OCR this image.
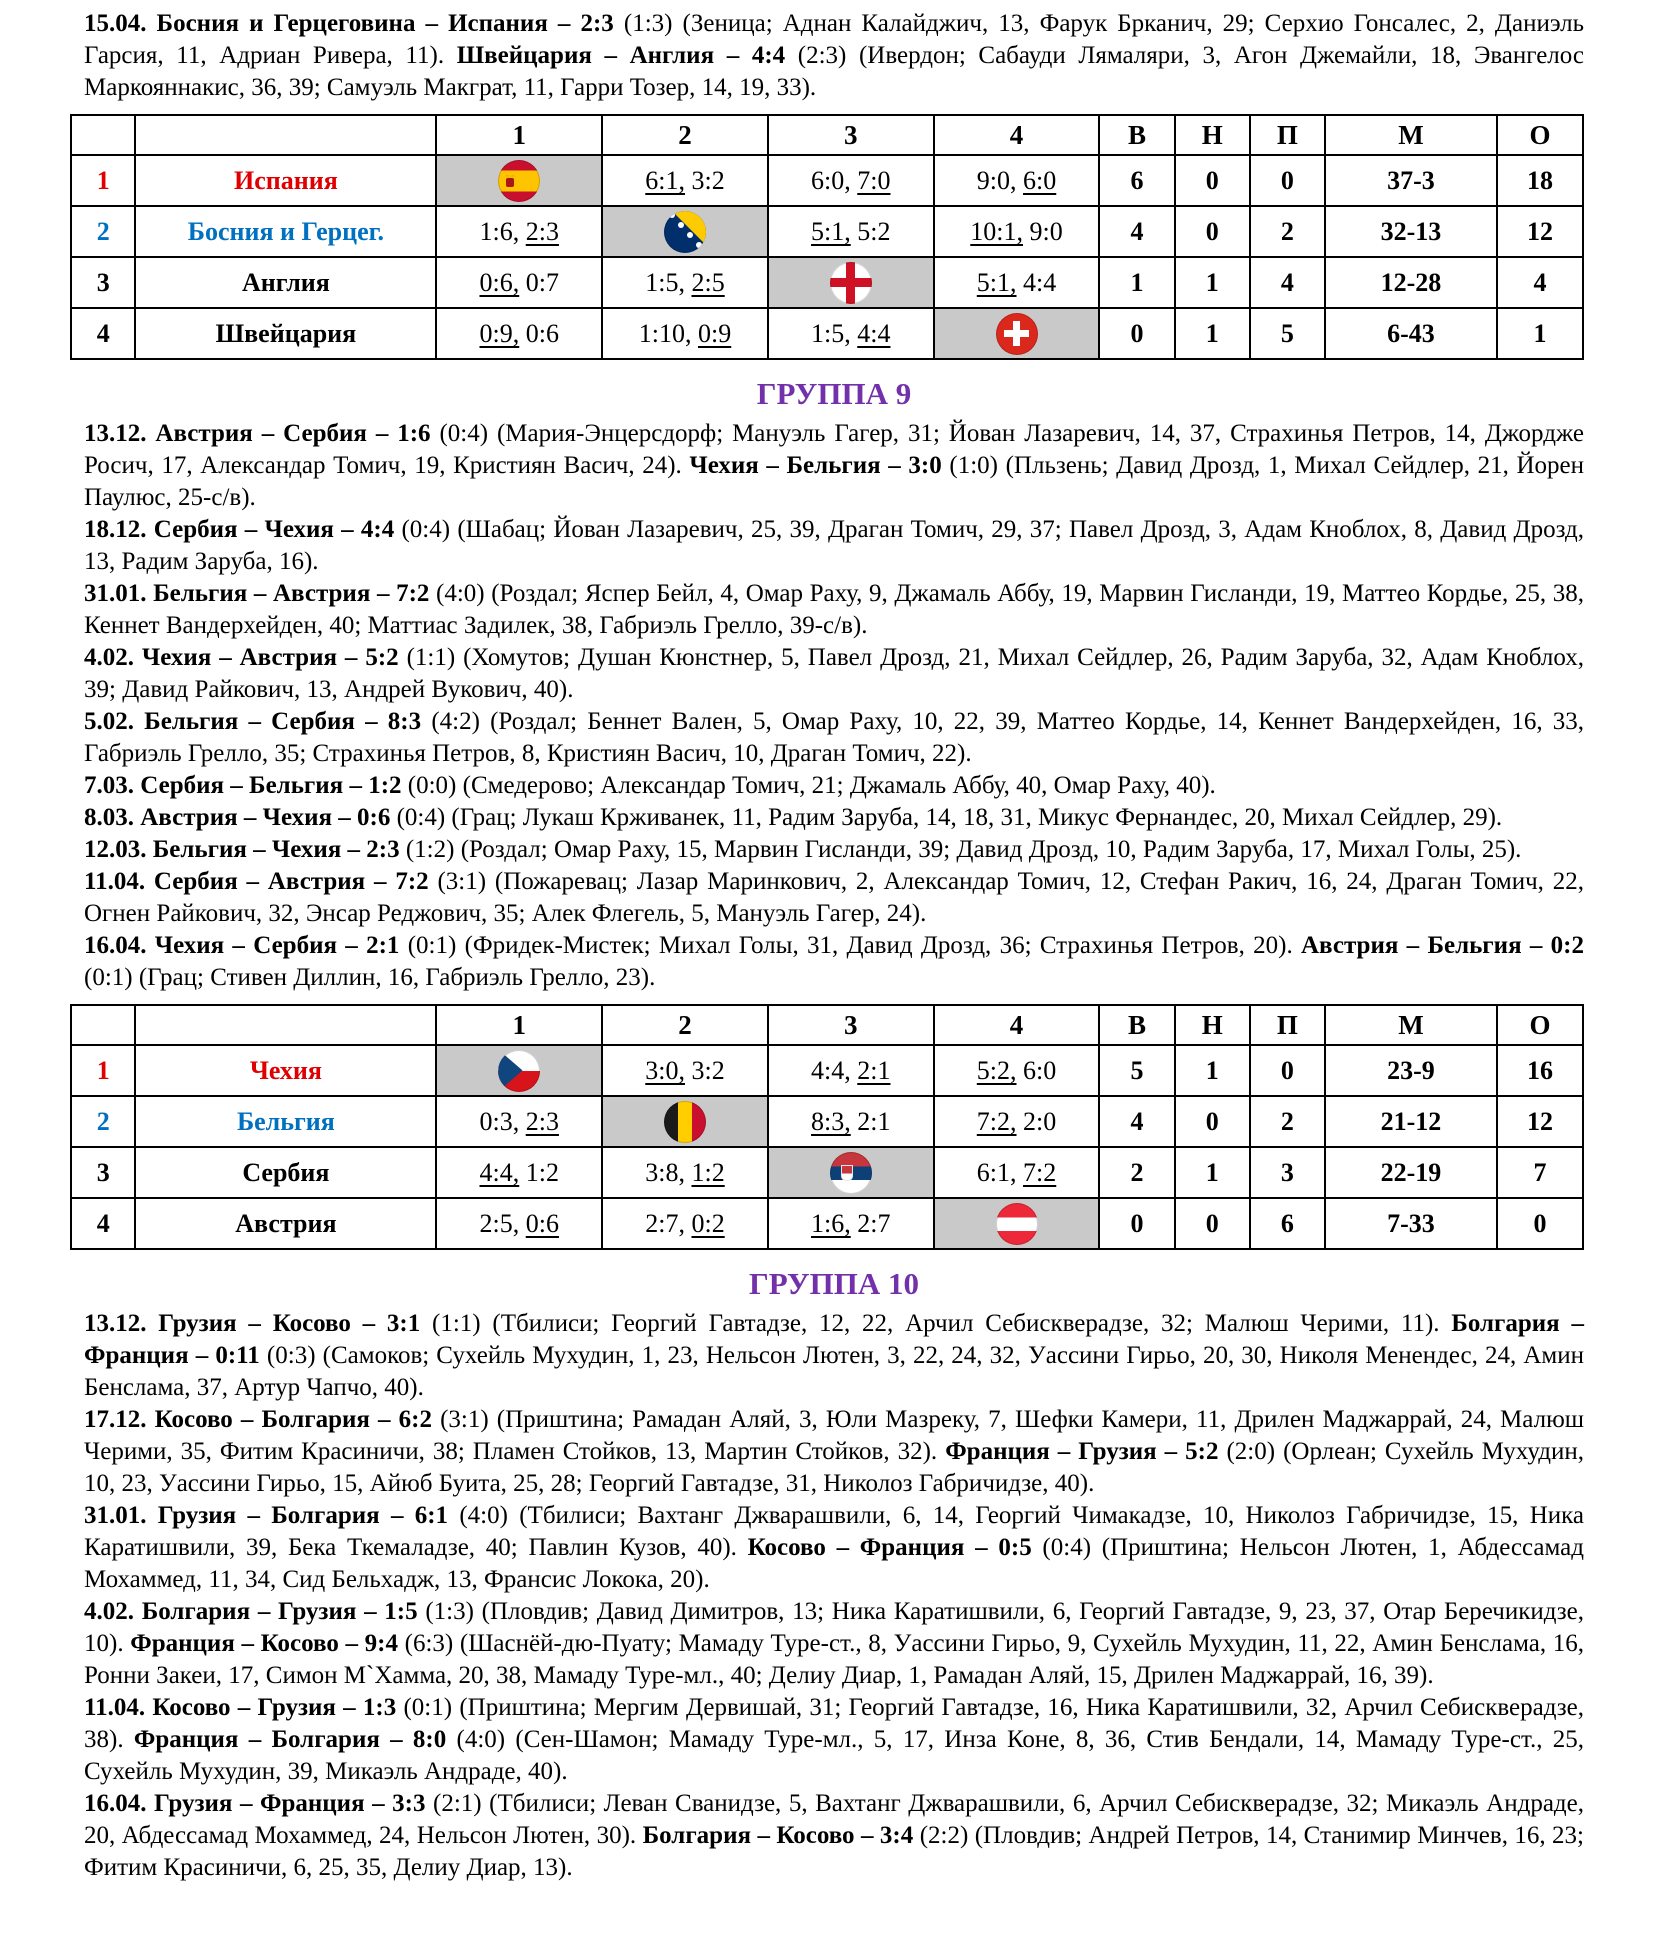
15.04. Босния и Герцеговина – Испания – 2:3 (1:3) (Зеница; Аднан Калайджич, 13, Фарук Брканич, 29; Серхио Гонсалес, 2, Даниэль Гарсия, 11, Адриан Ривера, 11). Швейцария – Англия – 4:4 (2:3) (Ивердон; Сабауди Лямаляри, 3, Агон Джемайли, 18, Эвангелос Маркояннакис, 36, 39; Самуэль Макграт, 11, Гарри Тозер, 14, 19, 33).

		1	2	3	4	В	Н	П	М	О
1	Испания		6:1, 3:2	6:0, 7:0	9:0, 6:0	6	0	0	37-3	18
2	Босния и Герцег.	1:6, 2:3		5:1, 5:2	10:1, 9:0	4	0	2	32-13	12
3	Англия	0:6, 0:7	1:5, 2:5		5:1, 4:4	1	1	4	12-28	4
4	Швейцария	0:9, 0:6	1:10, 0:9	1:5, 4:4		0	1	5	6-43	1
ГРУППА 9

13.12. Австрия – Сербия – 1:6 (0:4) (Мария-Энцерсдорф; Мануэль Гагер, 31; Йован Лазаревич, 14, 37, Страхинья Петров, 14, Джордже Росич, 17, Александар Томич, 19, Кристиян Васич, 24). Чехия – Бельгия – 3:0 (1:0) (Пльзень; Давид Дрозд, 1, Михал Сейдлер, 21, Йорен Паулюс, 25-с/в).

18.12. Сербия – Чехия – 4:4 (0:4) (Шабац; Йован Лазаревич, 25, 39, Драган Томич, 29, 37; Павел Дрозд, 3, Адам Кноблох, 8, Давид Дрозд, 13, Радим Заруба, 16).

31.01. Бельгия – Австрия – 7:2 (4:0) (Роздал; Яспер Бейл, 4, Омар Раху, 9, Джамаль Аббу, 19, Марвин Гисланди, 19, Маттео Кордье, 25, 38, Кеннет Вандерхейден, 40; Маттиас Задилек, 38, Габриэль Грелло, 39-с/в).

4.02. Чехия – Австрия – 5:2 (1:1) (Хомутов; Душан Кюнстнер, 5, Павел Дрозд, 21, Михал Сейдлер, 26, Радим Заруба, 32, Адам Кноблох, 39; Давид Райкович, 13, Андрей Вукович, 40).

5.02. Бельгия – Сербия – 8:3 (4:2) (Роздал; Беннет Вален, 5, Омар Раху, 10, 22, 39, Маттео Кордье, 14, Кеннет Вандерхейден, 16, 33, Габриэль Грелло, 35; Страхинья Петров, 8, Кристиян Васич, 10, Драган Томич, 22).

7.03. Сербия – Бельгия – 1:2 (0:0) (Смедерово; Александар Томич, 21; Джамаль Аббу, 40, Омар Раху, 40).

8.03. Австрия – Чехия – 0:6 (0:4) (Грац; Лукаш Крживанек, 11, Радим Заруба, 14, 18, 31, Микус Фернандес, 20, Михал Сейдлер, 29).

12.03. Бельгия – Чехия – 2:3 (1:2) (Роздал; Омар Раху, 15, Марвин Гисланди, 39; Давид Дрозд, 10, Радим Заруба, 17, Михал Голы, 25).

11.04. Сербия – Австрия – 7:2 (3:1) (Пожаревац; Лазар Маринкович, 2, Александар Томич, 12, Стефан Ракич, 16, 24, Драган Томич, 22, Огнен Райкович, 32, Энсар Реджович, 35; Алек Флегель, 5, Мануэль Гагер, 24).

16.04. Чехия – Сербия – 2:1 (0:1) (Фридек-Мистек; Михал Голы, 31, Давид Дрозд, 36; Страхинья Петров, 20). Австрия – Бельгия – 0:2 (0:1) (Грац; Стивен Диллин, 16, Габриэль Грелло, 23).

		1	2	3	4	В	Н	П	М	О
1	Чехия		3:0, 3:2	4:4, 2:1	5:2, 6:0	5	1	0	23-9	16
2	Бельгия	0:3, 2:3		8:3, 2:1	7:2, 2:0	4	0	2	21-12	12
3	Сербия	4:4, 1:2	3:8, 1:2		6:1, 7:2	2	1	3	22-19	7
4	Австрия	2:5, 0:6	2:7, 0:2	1:6, 2:7		0	0	6	7-33	0
ГРУППА 10

13.12. Грузия – Косово – 3:1 (1:1) (Тбилиси; Георгий Гавтадзе, 12, 22, Арчил Себискверадзе, 32; Малюш Черими, 11). Болгария – Франция – 0:11 (0:3) (Самоков; Сухейль Мухудин, 1, 23, Нельсон Лютен, 3, 22, 24, 32, Уассини Гирьо, 20, 30, Николя Менендес, 24, Амин Бенслама, 37, Артур Чапчо, 40).

17.12. Косово – Болгария – 6:2 (3:1) (Приштина; Рамадан Аляй, 3, Юли Мазреку, 7, Шефки Камери, 11, Дрилен Маджаррай, 24, Малюш Черими, 35, Фитим Красиничи, 38; Пламен Стойков, 13, Мартин Стойков, 32). Франция – Грузия – 5:2 (2:0) (Орлеан; Сухейль Мухудин, 10, 23, Уассини Гирьо, 15, Айюб Буита, 25, 28; Георгий Гавтадзе, 31, Николоз Габричидзе, 40).

31.01. Грузия – Болгария – 6:1 (4:0) (Тбилиси; Вахтанг Джварашвили, 6, 14, Георгий Чимакадзе, 10, Николоз Габричидзе, 15, Ника Каратишвили, 39, Бека Ткемаладзе, 40; Павлин Кузов, 40). Косово – Франция – 0:5 (0:4) (Приштина; Нельсон Лютен, 1, Абдессамад Мохаммед, 11, 34, Сид Бельхадж, 13, Франсис Локока, 20).

4.02. Болгария – Грузия – 1:5 (1:3) (Пловдив; Давид Димитров, 13; Ника Каратишвили, 6, Георгий Гавтадзе, 9, 23, 37, Отар Беречикидзе, 10). Франция – Косово – 9:4 (6:3) (Шаснёй-дю-Пуату; Мамаду Туре-ст., 8, Уассини Гирьо, 9, Сухейль Мухудин, 11, 22, Амин Бенслама, 16, Ронни Закеи, 17, Симон М`Хамма, 20, 38, Мамаду Туре-мл., 40; Делиу Диар, 1, Рамадан Аляй, 15, Дрилен Маджаррай, 16, 39).

11.04. Косово – Грузия – 1:3 (0:1) (Приштина; Мергим Дервишай, 31; Георгий Гавтадзе, 16, Ника Каратишвили, 32, Арчил Себискверадзе, 38). Франция – Болгария – 8:0 (4:0) (Сен-Шамон; Мамаду Туре-мл., 5, 17, Инза Коне, 8, 36, Стив Бендали, 14, Мамаду Туре-ст., 25, Сухейль Мухудин, 39, Микаэль Андраде, 40).

16.04. Грузия – Франция – 3:3 (2:1) (Тбилиси; Леван Сванидзе, 5, Вахтанг Джварашвили, 6, Арчил Себискверадзе, 32; Микаэль Андраде, 20, Абдессамад Мохаммед, 24, Нельсон Лютен, 30). Болгария – Косово – 3:4 (2:2) (Пловдив; Андрей Петров, 14, Станимир Минчев, 16, 23; Фитим Красиничи, 6, 25, 35, Делиу Диар, 13).
